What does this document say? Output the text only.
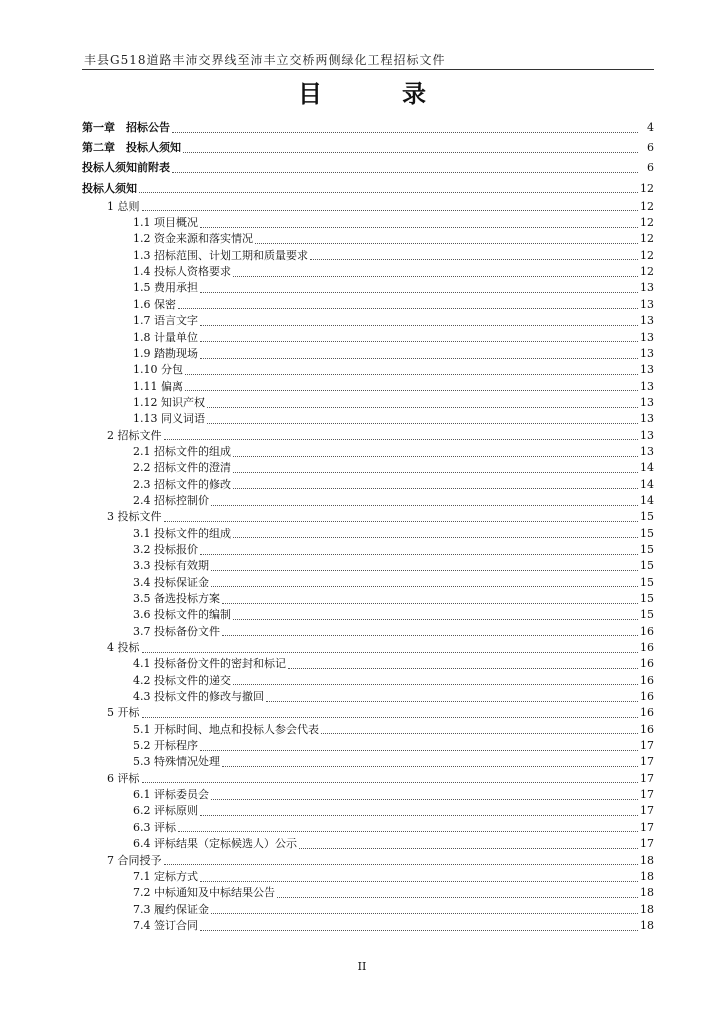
丰县G518道路丰沛交界线至沛丰立交桥两侧绿化工程招标文件
目　录
第一章　招标公告	4
第二章　投标人须知	6
投标人须知前附表	6
投标人须知	12
1 总则	12
1.1 项目概况	12
1.2 资金来源和落实情况	12
1.3 招标范围、计划工期和质量要求	12
1.4 投标人资格要求	12
1.5 费用承担	13
1.6 保密	13
1.7 语言文字	13
1.8 计量单位	13
1.9 踏勘现场	13
1.10 分包	13
1.11 偏离	13
1.12 知识产权	13
1.13 同义词语	13
2 招标文件	13
2.1 招标文件的组成	13
2.2 招标文件的澄清	14
2.3 招标文件的修改	14
2.4 招标控制价	14
3 投标文件	15
3.1 投标文件的组成	15
3.2 投标报价	15
3.3 投标有效期	15
3.4 投标保证金	15
3.5 备选投标方案	15
3.6 投标文件的编制	15
3.7 投标备份文件	16
4 投标	16
4.1 投标备份文件的密封和标记	16
4.2 投标文件的递交	16
4.3 投标文件的修改与撤回	16
5 开标	16
5.1 开标时间、地点和投标人参会代表	16
5.2 开标程序	17
5.3 特殊情况处理	17
6 评标	17
6.1 评标委员会	17
6.2 评标原则	17
6.3 评标	17
6.4 评标结果（定标候选人）公示	17
7 合同授予	18
7.1 定标方式	18
7.2 中标通知及中标结果公告	18
7.3 履约保证金	18
7.4 签订合同	18
II
